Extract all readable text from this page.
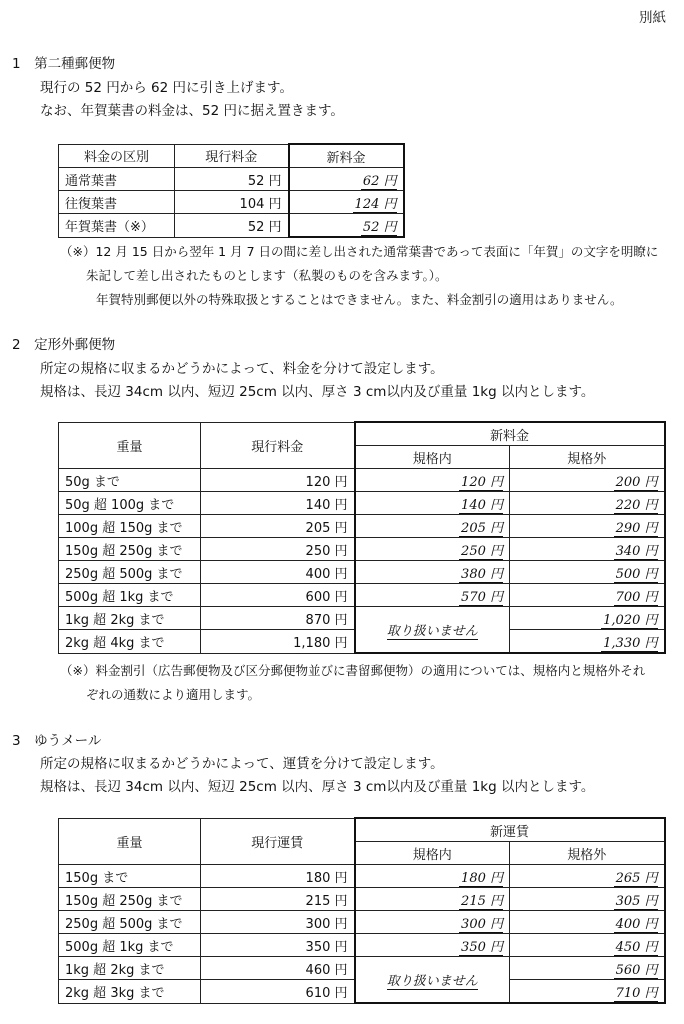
別紙
1　第二種郵便物
現行の 52 円から 62 円に引き上げます。
なお、年賀葉書の料金は、52 円に据え置きます。
料金の区別	現行料金	新料金
通常葉書	52 円	62 円
往復葉書	104 円	124 円
年賀葉書（※）	52 円	52 円
（※）12 月 15 日から翌年 1 月 7 日の間に差し出された通常葉書であって表面に「年賀」の文字を明瞭に
朱記して差し出されたものとします（私製のものを含みます。）。
年賀特別郵便以外の特殊取扱とすることはできません。また、料金割引の適用はありません。
2　定形外郵便物
所定の規格に収まるかどうかによって、料金を分けて設定します。
規格は、長辺 34cm 以内、短辺 25cm 以内、厚さ 3 cm以内及び重量 1kg 以内とします。
重量	現行料金	新料金	
		規格内	規格外
50g まで	120 円	120 円	200 円
50g 超 100g まで	140 円	140 円	220 円
100g 超 150g まで	205 円	205 円	290 円
150g 超 250g まで	250 円	250 円	340 円
250g 超 500g まで	400 円	380 円	500 円
500g 超 1kg まで	600 円	570 円	700 円
1kg 超 2kg まで	870 円	取り扱いません	1,020 円
2kg 超 4kg まで	1,180 円		1,330 円
（※）料金割引（広告郵便物及び区分郵便物並びに書留郵便物）の適用については、規格内と規格外それ
ぞれの通数により適用します。
3　ゆうメール
所定の規格に収まるかどうかによって、運賃を分けて設定します。
規格は、長辺 34cm 以内、短辺 25cm 以内、厚さ 3 cm以内及び重量 1kg 以内とします。
重量	現行運賃	新運賃	
		規格内	規格外
150g まで	180 円	180 円	265 円
150g 超 250g まで	215 円	215 円	305 円
250g 超 500g まで	300 円	300 円	400 円
500g 超 1kg まで	350 円	350 円	450 円
1kg 超 2kg まで	460 円	取り扱いません	560 円
2kg 超 3kg まで	610 円		710 円
